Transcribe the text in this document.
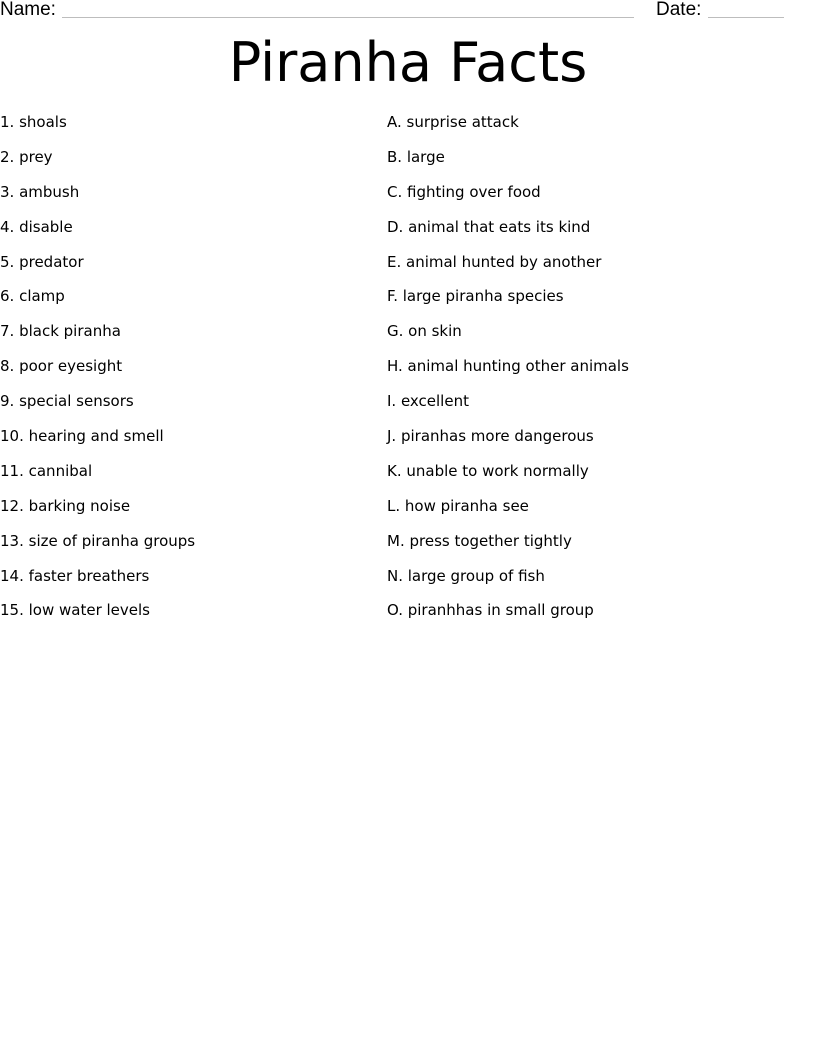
Name:	Date:
Piranha Facts
1. shoals
2. prey
3. ambush
4. disable
5. predator
6. clamp
7. black piranha
8. poor eyesight
9. special sensors
10. hearing and smell
11. cannibal
12. barking noise
13. size of piranha groups
14. faster breathers
15. low water levels
A. surprise attack
B. large
C. fighting over food
D. animal that eats its kind
E. animal hunted by another
F. large piranha species
G. on skin
H. animal hunting other animals
I. excellent
J. piranhas more dangerous
K. unable to work normally
L. how piranha see
M. press together tightly
N. large group of fish
O. piranhhas in small group
